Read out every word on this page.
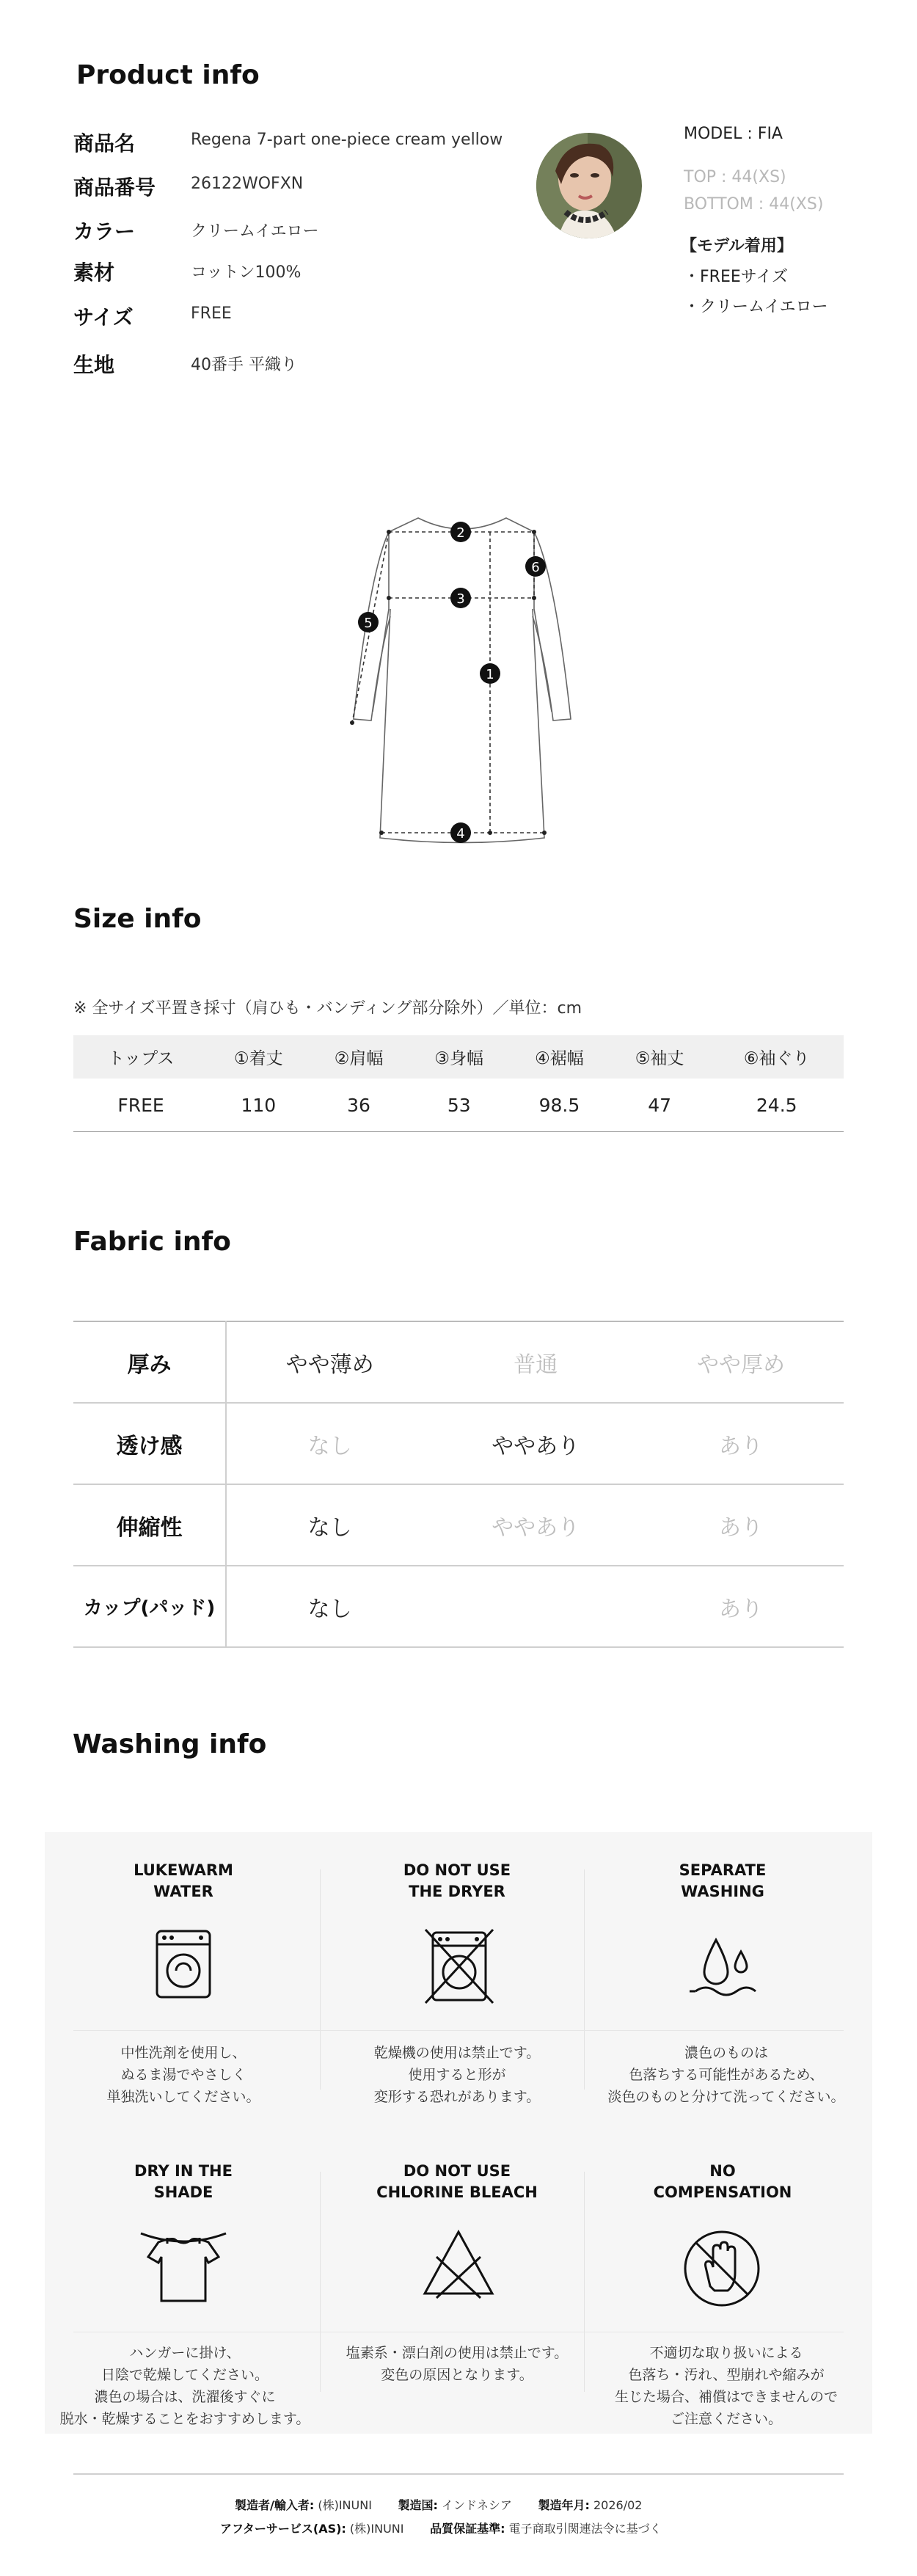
Product info
商品名	Regena 7-part one-piece cream yellow
商品番号 26122WOFXN
カラー	クリームイエロー
素材	コットン100%
サイズ	FREE
生地	40番手 平織り
MODEL : FIA
TOP : 44(XS)
BOTTOM : 44(XS)
【モデル着用】
・FREEサイズ
・クリームイエロー
1
2
3
4
5
6
Size info
※ 全サイズ平置き採寸（肩ひも・バンディング部分除外）／単位：cm
トップス	①着丈	②肩幅	③身幅	④裾幅	⑤袖丈	⑥袖ぐり
FREE	110	36	53	98.5	47	24.5
Fabric info
厚み	やや薄め	普通	やや厚め
透け感	なし	ややあり	あり
伸縮性	なし	ややあり	あり
カップ(パッド)	なし		あり
Washing info
LUKEWARM
WATER
中性洗剤を使用し、
ぬるま湯でやさしく
単独洗いしてください。
DO NOT USE
THE DRYER
乾燥機の使用は禁止です。
使用すると形が
変形する恐れがあります。
SEPARATE
WASHING
濃色のものは
色落ちする可能性があるため、
淡色のものと分けて洗ってください。
DRY IN THE
SHADE
ハンガーに掛け、
日陰で乾燥してください。
濃色の場合は、洗濯後すぐに
脱水・乾燥することをおすすめします。
DO NOT USE
CHLORINE BLEACH
塩素系・漂白剤の使用は禁止です。
変色の原因となります。
NO
COMPENSATION
不適切な取り扱いによる
色落ち・汚れ、型崩れや縮みが
生じた場合、補償はできませんので
ご注意ください。
製造者/輸入者: (株)INUNI 製造国: インドネシア 製造年月: 2026/02
アフターサービス(AS): (株)INUNI 品質保証基準: 電子商取引関連法令に基づく
